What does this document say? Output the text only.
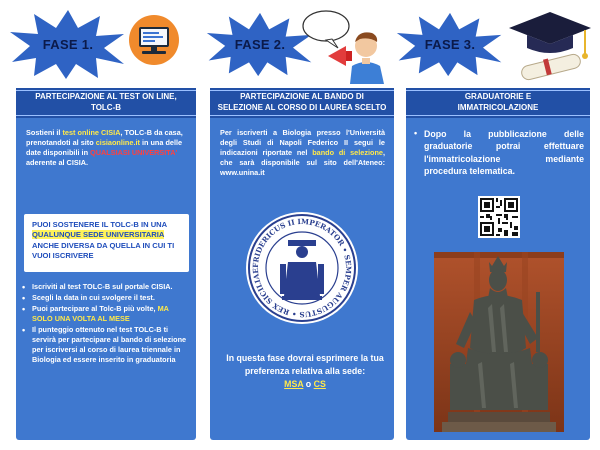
FASE 1.	FASE 2.	FASE 3.
PARTECIPAZIONE AL TEST ON LINE,
TOLC-B
Sostieni il test online CISIA, TOLC-B da casa, prenotandoti al sito cisiaonline.it in una delle date disponibili in QUALSIASI UNIVERSITA' aderente al CISIA.
PUOI SOSTENERE IL TOLC-B IN UNA
QUALUNQUE SEDE UNIVERSITARIA
ANCHE DIVERSA DA QUELLA IN CUI TI VUOI ISCRIVERE
• Iscriviti al test TOLC-B sul portale CISIA.
• Scegli la data in cui svolgere il test.
• Puoi partecipare al Tolc-B più volte, MA SOLO UNA VOLTA AL MESE
• Il punteggio ottenuto nel test TOLC-B ti servirà per partecipare al bando di selezione per iscriversi al corso di laurea triennale in Biologia ed essere inserito in graduatoria
PARTECIPAZIONE AL BANDO DI
SELEZIONE AL CORSO DI LAUREA SCELTO
Per iscriverti a Biologia presso l'Università degli Studi di Napoli Federico II segui le indicazioni riportate nel bando di selezione, che sarà disponibile sul sito dell'Ateneo: www.unina.it
FRIDERICUS II IMPERATOR • SEMPER AUGUSTUS • REX SICILIAE
In questa fase dovrai esprimere la tua preferenza relativa alla sede:
MSA o CS
GRADUATORIE E
IMMATRICOLAZIONE
• Dopo la pubblicazione delle graduatorie potrai effettuare l'immatricolazione mediante procedura telematica.
